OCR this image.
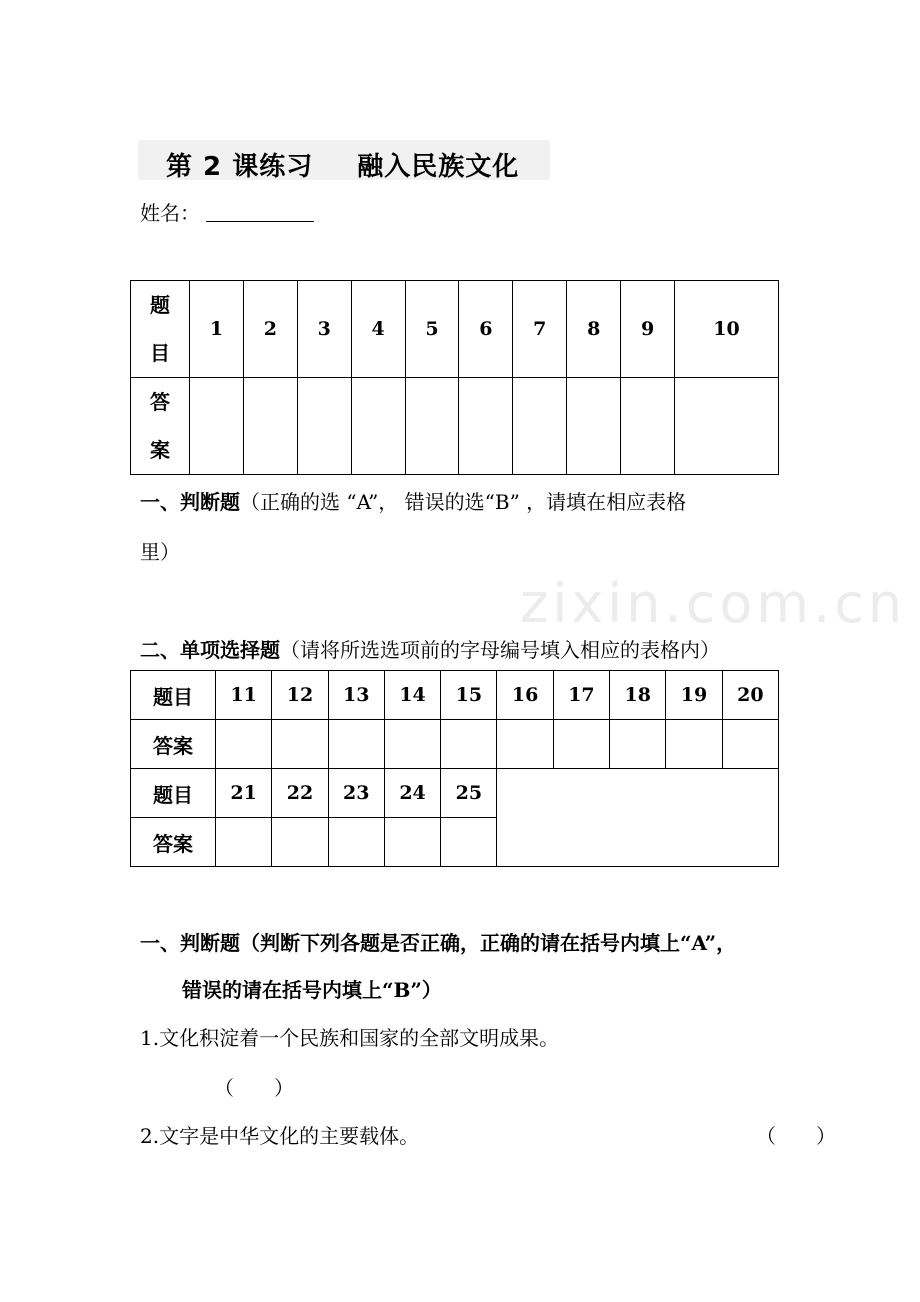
zixin.com.cn
第 2 课练习 融入民族文化
姓名：
题
目	1	2	3	4	5	6	7	8	9	10

答
案										

一、判断题（正确的选 “A”， 错误的选“B” ，请填在相应表格
里）
二、单项选择题（请将所选选项前的字母编号填入相应的表格内）
题目	11	12	13	14	15	16	17	18	19	20
答案										
题目	21	22	23	24	25					
答案										
一、判断题（判断下列各题是否正确，正确的请在括号内填上“A”，
错误的请在括号内填上“B”）
1.文化积淀着一个民族和国家的全部文明成果。
（　　）
2.文字是中华文化的主要载体。	（　　）
